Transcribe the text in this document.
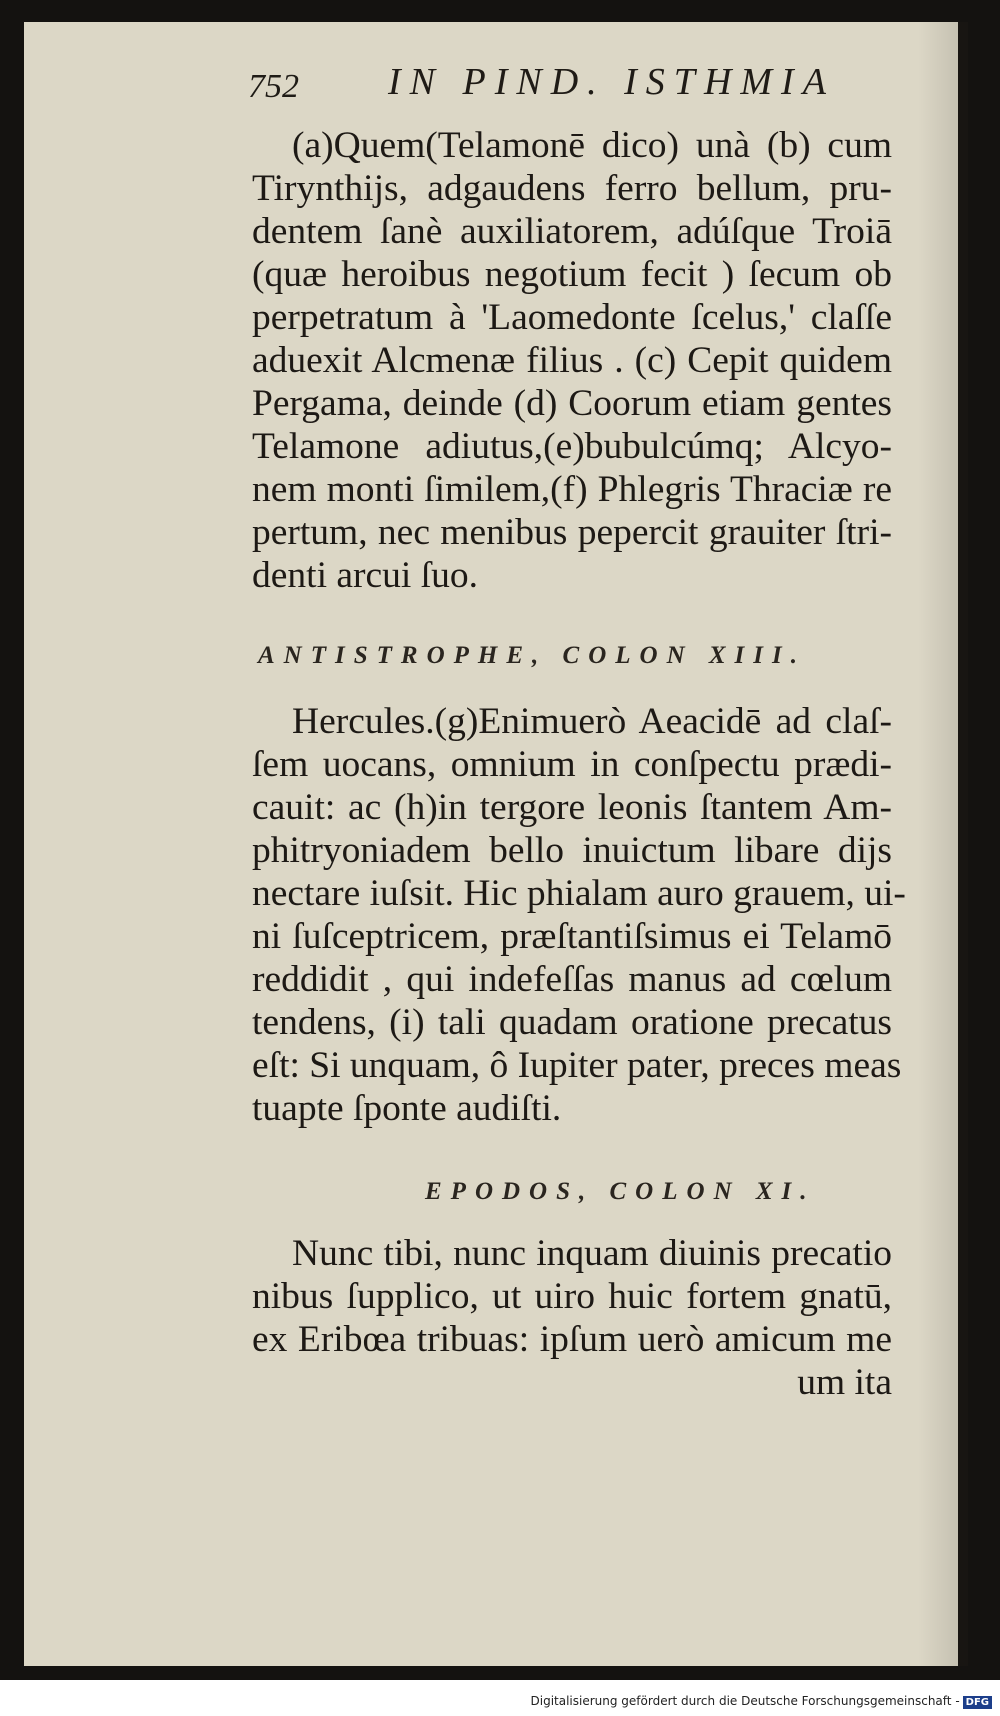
752 IN PIND. ISTHMIA
(a)Quem(Telamonē dico) unà (b) cum
Tirynthijs, adgaudens ferro bellum, pru-
dentem ſanè auxiliatorem, adúſque Troiā
(quæ heroibus negotium fecit ) ſecum ob
perpetratum à 'Laomedonte ſcelus,' claſſe
aduexit Alcmenæ filius . (c) Cepit quidem
Pergama, deinde (d) Coorum etiam gentes
Telamone adiutus,(e)bubulcúmq; Alcyo-
nem monti ſimilem,(f) Phlegris Thraciæ re
pertum, nec menibus pepercit grauiter ſtri-
denti arcui ſuo.
ANTISTROPHE, COLON XIII.
Hercules.(g)Enimuerò Aeacidē ad claſ-
ſem uocans, omnium in conſpectu prædi-
cauit: ac (h)in tergore leonis ſtantem Am-
phitryoniadem bello inuictum libare dijs
nectare iuſsit. Hic phialam auro grauem, ui-
ni ſuſceptricem, præſtantiſsimus ei Telamō
reddidit , qui indefeſſas manus ad cœlum
tendens, (i) tali quadam oratione precatus
eſt: Si unquam, ô Iupiter pater, preces meas
tuapte ſponte audiſti.
EPODOS, COLON XI.
Nunc tibi, nunc inquam diuinis precatio
nibus ſupplico, ut uiro huic fortem gnatū,
ex Eribœa tribuas: ipſum uerò amicum me
um ita
Digitalisierung gefördert durch die Deutsche Forschungsgemeinschaft - DFG
